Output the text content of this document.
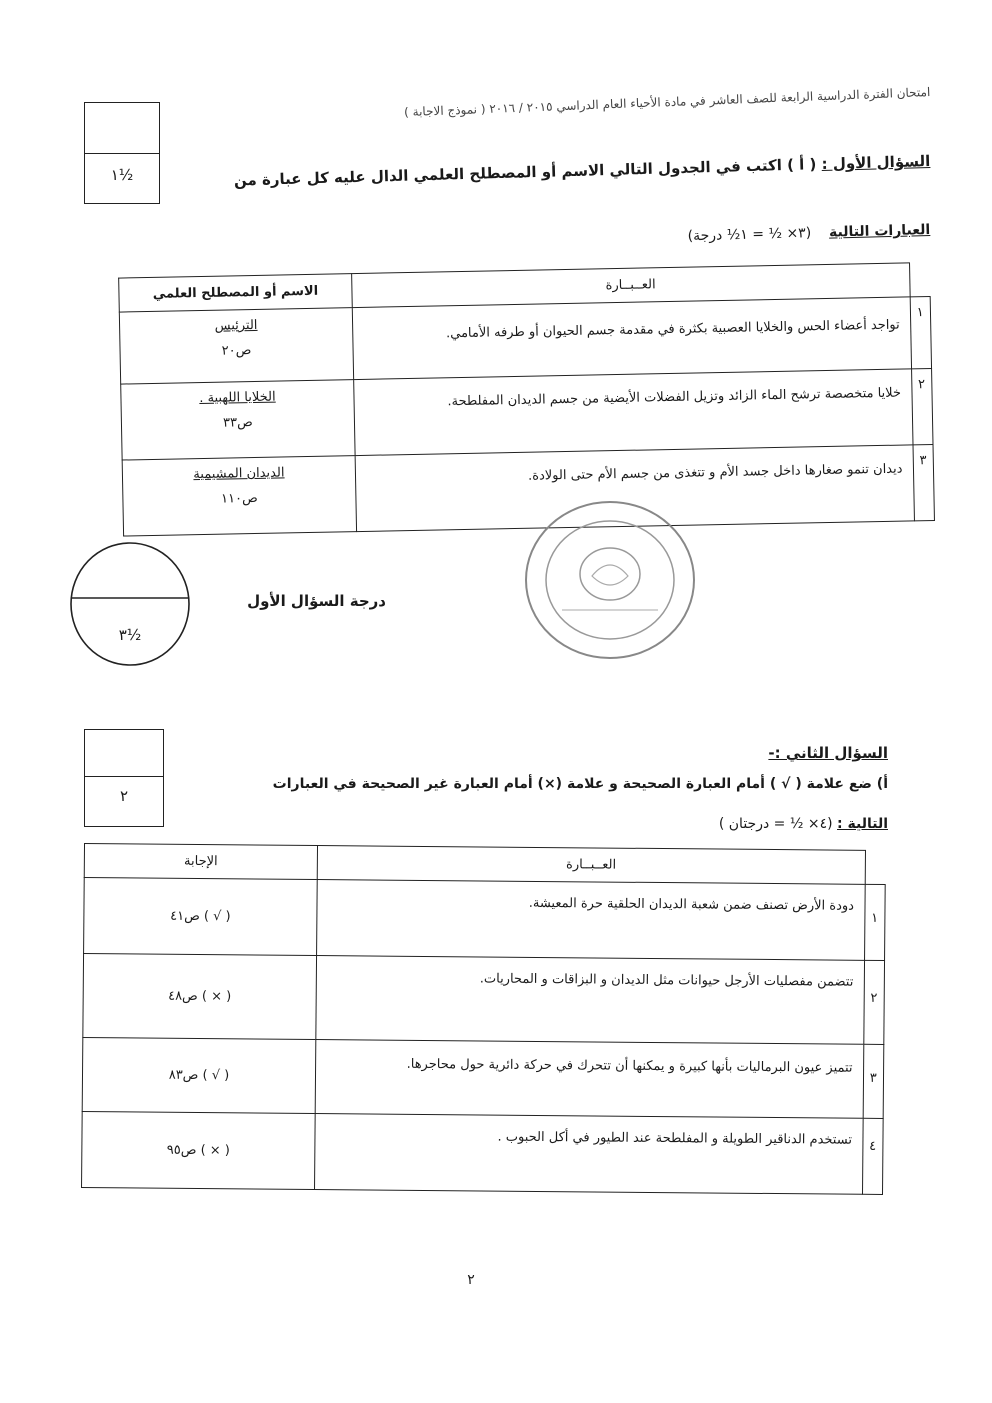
امتحان الفترة الدراسية الرابعة للصف العاشر في مادة الأحياء العام الدراسي ٢٠١٥ / ٢٠١٦ ( نموذج الاجابة )
١½
السؤال الأول : ( أ ) اكتب في الجدول التالي الاسم أو المصطلح العلمي الدال عليه كل عبارة من
العبارات التالية    (٣× ½ = ١½ درجة)
	العــبــارة	الاسم أو المصطلح العلمي
١	تواجد أعضاء الحس والخلايا العصبية بكثرة في مقدمة جسم الحيوان أو طرفه الأمامي.	الترئيس
ص٢٠

٢	خلايا متخصصة ترشح الماء الزائد وتزيل الفضلات الأيضية من جسم الديدان المفلطحة.	الخلايا اللهبية .
ص٣٣

٣	ديدان تنمو صغارها داخل جسد الأم و تتغذى من جسم الأم حتى الولادة.	الديدان المشيمية
ص١١٠
٣½
درجة السؤال الأول
٢
السؤال الثاني :-
أ) ضع علامة ( √ ) أمام العبارة الصحيحة و علامة (×) أمام العبارة غير الصحيحة في العبارات
التالية : (٤× ½ = درجتان )
	العــبــارة	الإجابة
١	دودة الأرض تصنف ضمن شعبة الديدان الحلقية حرة المعيشة.	( √ ) ص٤١
٢	تتضمن مفصليات الأرجل حيوانات مثل الديدان و البزاقات و المحاريات.	( × ) ص٤٨
٣	تتميز عيون البرماليات بأنها كبيرة و يمكنها أن تتحرك في حركة دائرية حول محاجرها.	( √ ) ص٨٣
٤	تستخدم الدناقير الطويلة و المفلطحة عند الطيور في أكل الحبوب .	( × ) ص٩٥
٢
